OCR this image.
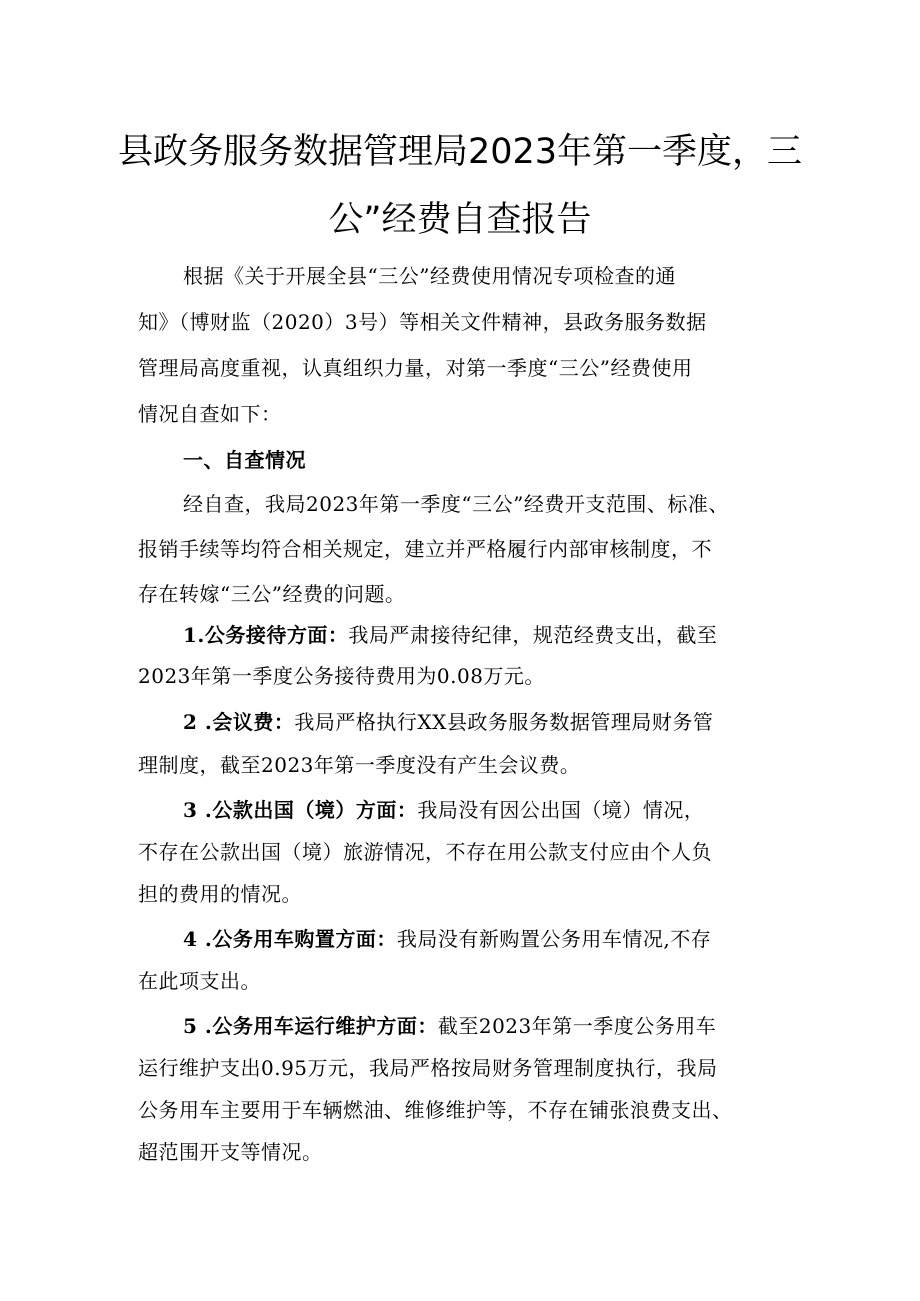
县政务服务数据管理局2023年第一季度，三
公”经费自查报告
根据《关于开展全县“三公”经费使用情况专项检查的通
知》（博财监（2020）3号）等相关文件精神，县政务服务数据
管理局高度重视，认真组织力量，对第一季度“三公”经费使用
情况自查如下：
一、自查情况
经自查，我局2023年第一季度“三公”经费开支范围、标准、
报销手续等均符合相关规定，建立并严格履行内部审核制度，不
存在转嫁“三公”经费的问题。
1.公务接待方面：我局严肃接待纪律，规范经费支出，截至
2023年第一季度公务接待费用为0.08万元。
2 .会议费：我局严格执行XX县政务服务数据管理局财务管
理制度，截至2023年第一季度没有产生会议费。
3 .公款出国（境）方面：我局没有因公出国（境）情况，
不存在公款出国（境）旅游情况，不存在用公款支付应由个人负
担的费用的情况。
4 .公务用车购置方面：我局没有新购置公务用车情况,不存
在此项支出。
5 .公务用车运行维护方面：截至2023年第一季度公务用车
运行维护支出0.95万元，我局严格按局财务管理制度执行，我局
公务用车主要用于车辆燃油、维修维护等，不存在铺张浪费支出、
超范围开支等情况。
